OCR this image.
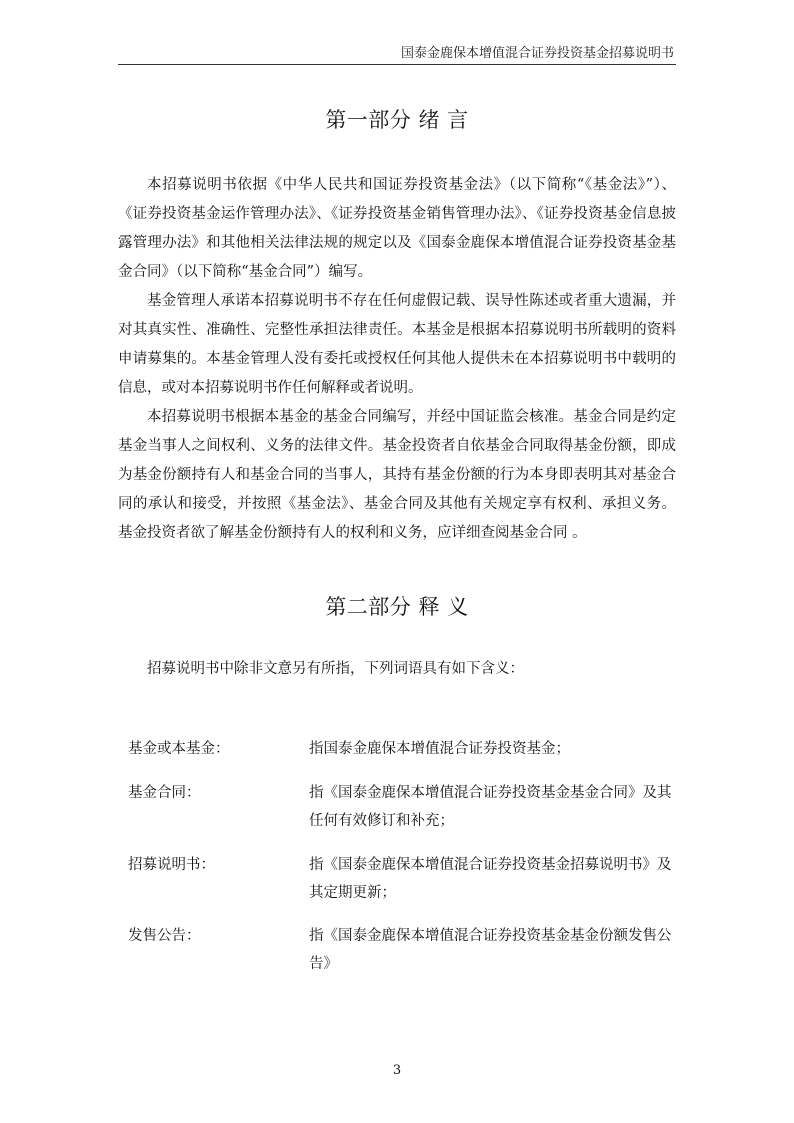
国泰金鹿保本增值混合证券投资基金招募说明书
第一部分 绪 言

本招募说明书依据《中华人民共和国证券投资基金法》（以下简称“《基金法》”）、《证券投资基金运作管理办法》、《证券投资基金销售管理办法》、《证券投资基金信息披露管理办法》和其他相关法律法规的规定以及《国泰金鹿保本增值混合证券投资基金基金合同》（以下简称“基金合同”）编写。

基金管理人承诺本招募说明书不存在任何虚假记载、误导性陈述或者重大遗漏，并对其真实性、准确性、完整性承担法律责任。本基金是根据本招募说明书所载明的资料申请募集的。本基金管理人没有委托或授权任何其他人提供未在本招募说明书中载明的信息，或对本招募说明书作任何解释或者说明。

本招募说明书根据本基金的基金合同编写，并经中国证监会核准。基金合同是约定基金当事人之间权利、义务的法律文件。基金投资者自依基金合同取得基金份额，即成为基金份额持有人和基金合同的当事人，其持有基金份额的行为本身即表明其对基金合同的承认和接受，并按照《基金法》、基金合同及其他有关规定享有权利、承担义务。基金投资者欲了解基金份额持有人的权利和义务，应详细查阅基金合同 。

第二部分 释 义

招募说明书中除非文意另有所指，下列词语具有如下含义：

基金或本基金：	指国泰金鹿保本增值混合证券投资基金；
基金合同：	指《国泰金鹿保本增值混合证券投资基金基金合同》及其任何有效修订和补充；
招募说明书：	指《国泰金鹿保本增值混合证券投资基金招募说明书》及其定期更新；
发售公告：	指《国泰金鹿保本增值混合证券投资基金基金份额发售公告》
3
